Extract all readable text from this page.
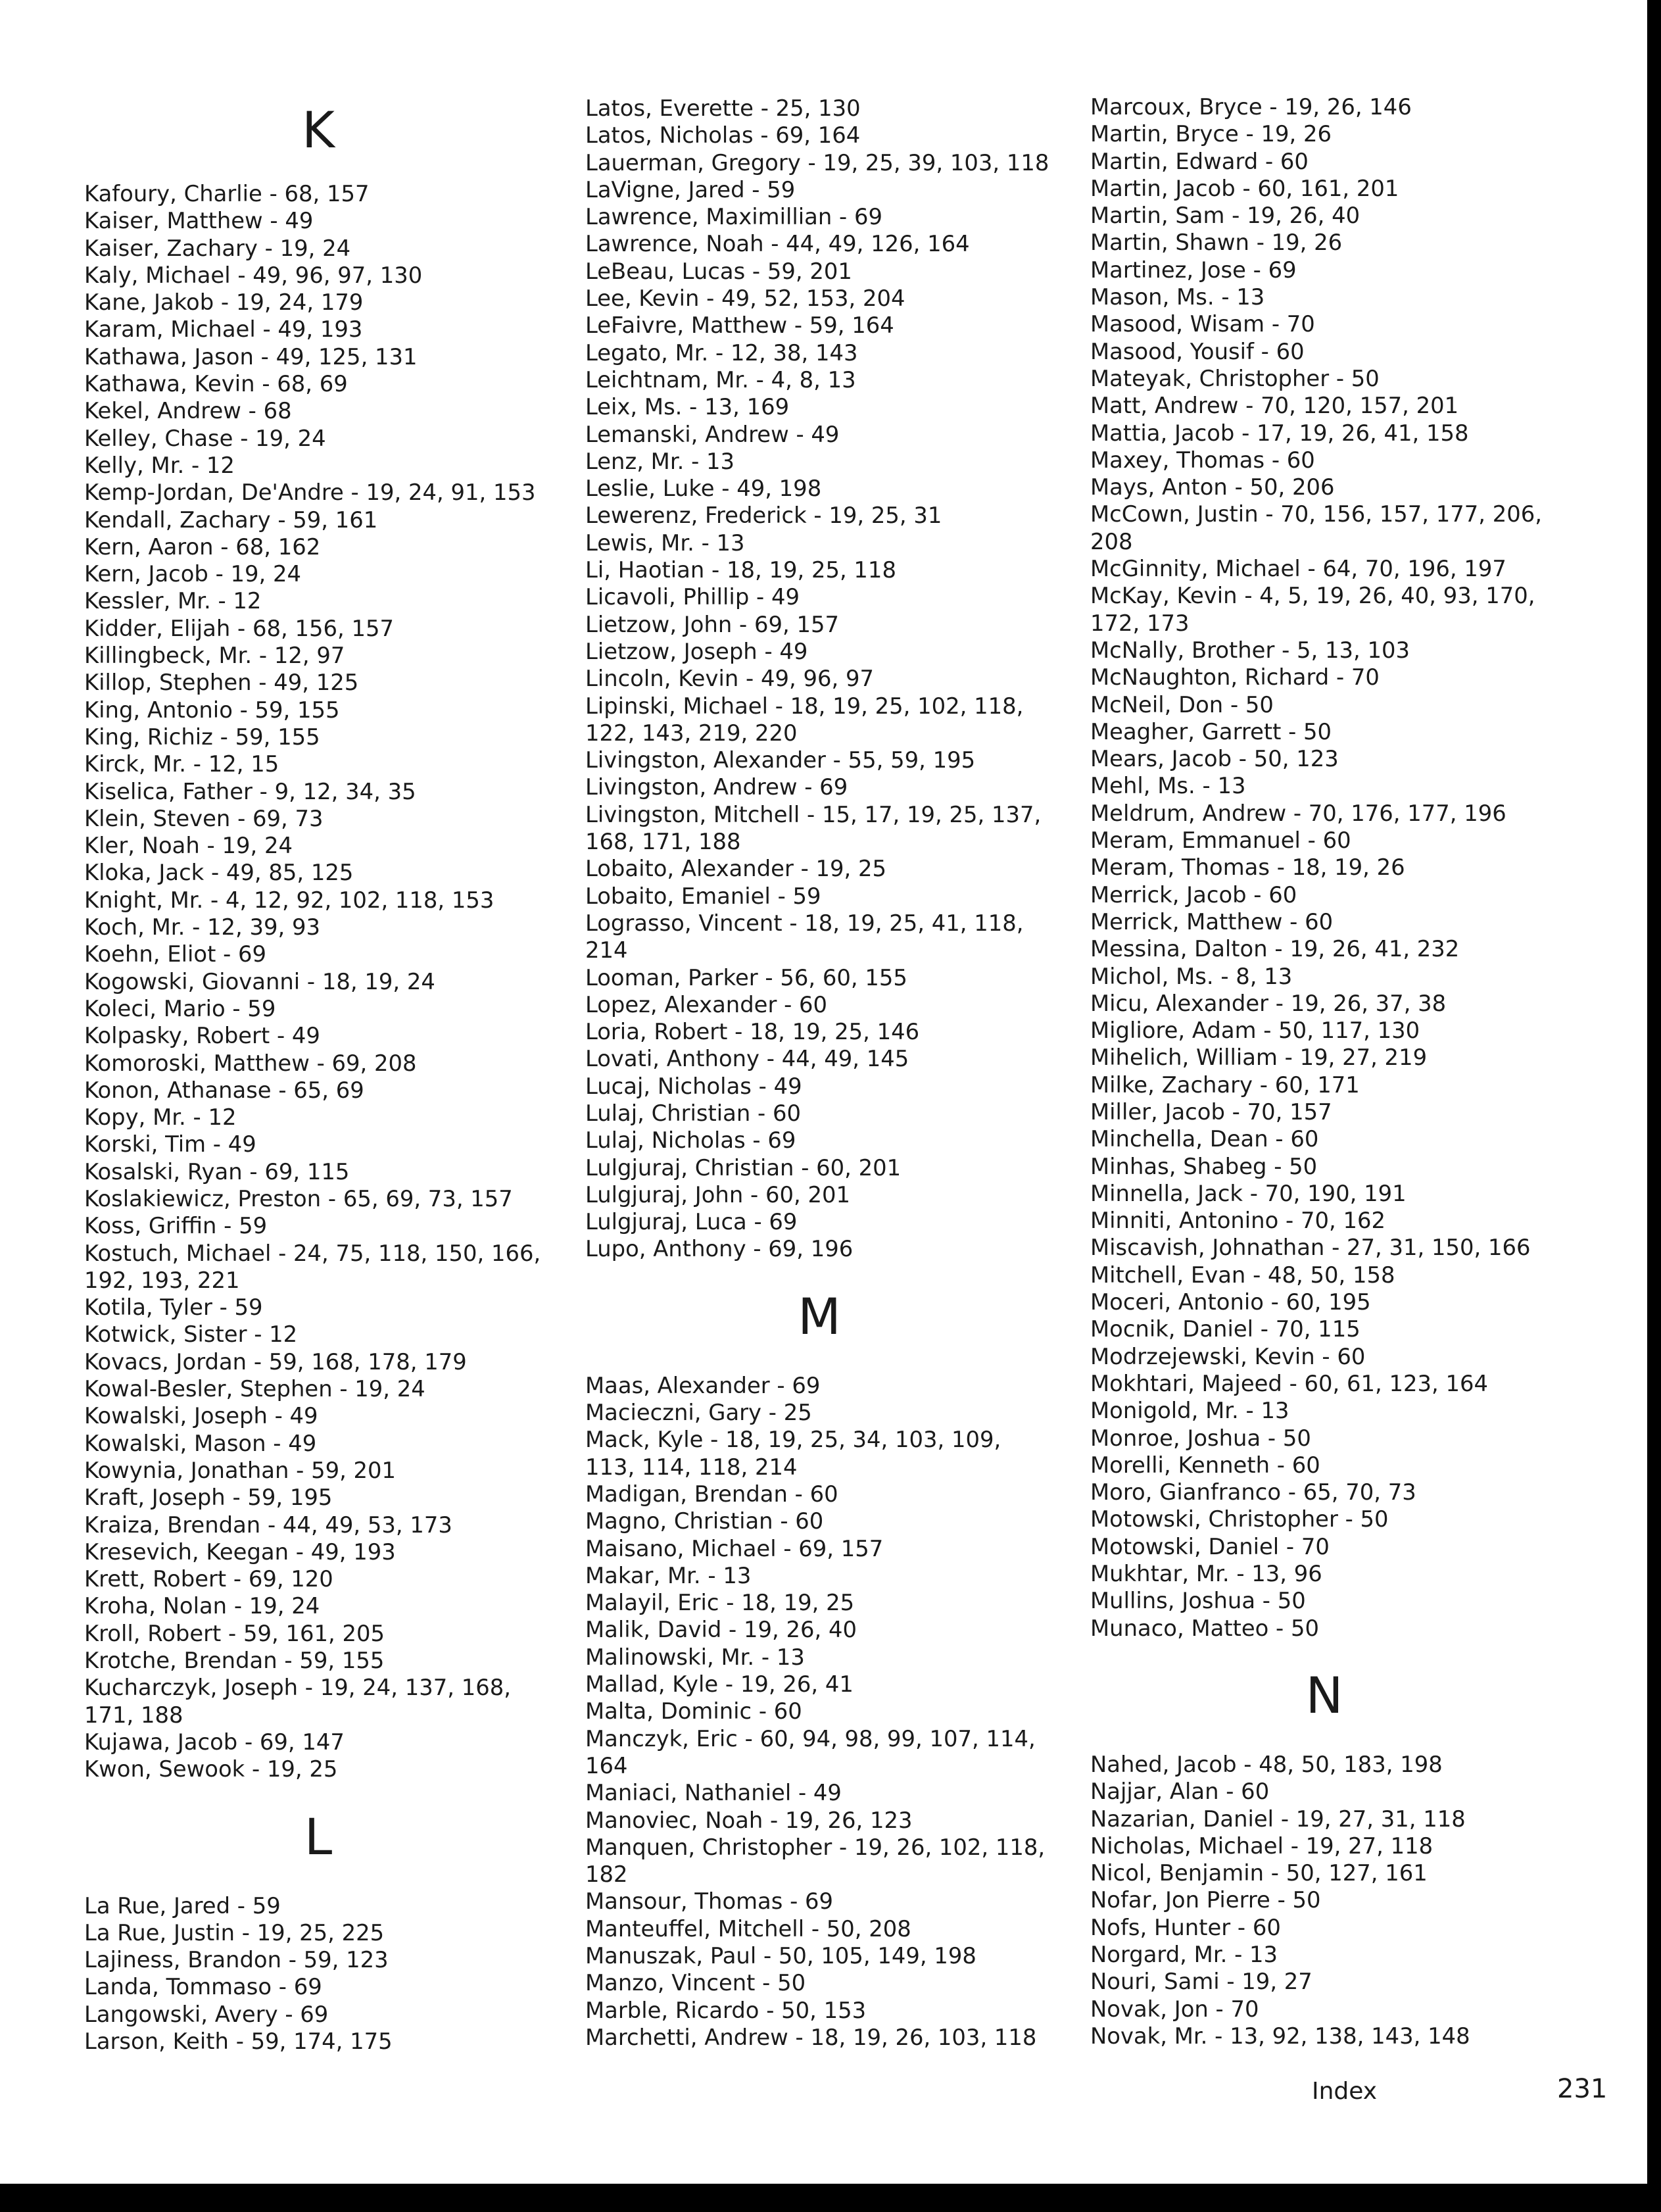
K
Kafoury, Charlie - 68, 157
Kaiser, Matthew - 49
Kaiser, Zachary - 19, 24
Kaly, Michael - 49, 96, 97, 130
Kane, Jakob - 19, 24, 179
Karam, Michael - 49, 193
Kathawa, Jason - 49, 125, 131
Kathawa, Kevin - 68, 69
Kekel, Andrew - 68
Kelley, Chase - 19, 24
Kelly, Mr. - 12
Kemp-Jordan, De'Andre - 19, 24, 91, 153
Kendall, Zachary - 59, 161
Kern, Aaron - 68, 162
Kern, Jacob - 19, 24
Kessler, Mr. - 12
Kidder, Elijah - 68, 156, 157
Killingbeck, Mr. - 12, 97
Killop, Stephen - 49, 125
King, Antonio - 59, 155
King, Richiz - 59, 155
Kirck, Mr. - 12, 15
Kiselica, Father - 9, 12, 34, 35
Klein, Steven - 69, 73
Kler, Noah - 19, 24
Kloka, Jack - 49, 85, 125
Knight, Mr. - 4, 12, 92, 102, 118, 153
Koch, Mr. - 12, 39, 93
Koehn, Eliot - 69
Kogowski, Giovanni - 18, 19, 24
Koleci, Mario - 59
Kolpasky, Robert - 49
Komoroski, Matthew - 69, 208
Konon, Athanase - 65, 69
Kopy, Mr. - 12
Korski, Tim - 49
Kosalski, Ryan - 69, 115
Koslakiewicz, Preston - 65, 69, 73, 157
Koss, Griffin - 59
Kostuch, Michael - 24, 75, 118, 150, 166,
192, 193, 221
Kotila, Tyler - 59
Kotwick, Sister - 12
Kovacs, Jordan - 59, 168, 178, 179
Kowal-Besler, Stephen - 19, 24
Kowalski, Joseph - 49
Kowalski, Mason - 49
Kowynia, Jonathan - 59, 201
Kraft, Joseph - 59, 195
Kraiza, Brendan - 44, 49, 53, 173
Kresevich, Keegan - 49, 193
Krett, Robert - 69, 120
Kroha, Nolan - 19, 24
Kroll, Robert - 59, 161, 205
Krotche, Brendan - 59, 155
Kucharczyk, Joseph - 19, 24, 137, 168,
171, 188
Kujawa, Jacob - 69, 147
Kwon, Sewook - 19, 25
L
La Rue, Jared - 59
La Rue, Justin - 19, 25, 225
Lajiness, Brandon - 59, 123
Landa, Tommaso - 69
Langowski, Avery - 69
Larson, Keith - 59, 174, 175
Latos, Everette - 25, 130
Latos, Nicholas - 69, 164
Lauerman, Gregory - 19, 25, 39, 103, 118
LaVigne, Jared - 59
Lawrence, Maximillian - 69
Lawrence, Noah - 44, 49, 126, 164
LeBeau, Lucas - 59, 201
Lee, Kevin - 49, 52, 153, 204
LeFaivre, Matthew - 59, 164
Legato, Mr. - 12, 38, 143
Leichtnam, Mr. - 4, 8, 13
Leix, Ms. - 13, 169
Lemanski, Andrew - 49
Lenz, Mr. - 13
Leslie, Luke - 49, 198
Lewerenz, Frederick - 19, 25, 31
Lewis, Mr. - 13
Li, Haotian - 18, 19, 25, 118
Licavoli, Phillip - 49
Lietzow, John - 69, 157
Lietzow, Joseph - 49
Lincoln, Kevin - 49, 96, 97
Lipinski, Michael - 18, 19, 25, 102, 118,
122, 143, 219, 220
Livingston, Alexander - 55, 59, 195
Livingston, Andrew - 69
Livingston, Mitchell - 15, 17, 19, 25, 137,
168, 171, 188
Lobaito, Alexander - 19, 25
Lobaito, Emaniel - 59
Lograsso, Vincent - 18, 19, 25, 41, 118,
214
Looman, Parker - 56, 60, 155
Lopez, Alexander - 60
Loria, Robert - 18, 19, 25, 146
Lovati, Anthony - 44, 49, 145
Lucaj, Nicholas - 49
Lulaj, Christian - 60
Lulaj, Nicholas - 69
Lulgjuraj, Christian - 60, 201
Lulgjuraj, John - 60, 201
Lulgjuraj, Luca - 69
Lupo, Anthony - 69, 196
M
Maas, Alexander - 69
Macieczni, Gary - 25
Mack, Kyle - 18, 19, 25, 34, 103, 109,
113, 114, 118, 214
Madigan, Brendan - 60
Magno, Christian - 60
Maisano, Michael - 69, 157
Makar, Mr. - 13
Malayil, Eric - 18, 19, 25
Malik, David - 19, 26, 40
Malinowski, Mr. - 13
Mallad, Kyle - 19, 26, 41
Malta, Dominic - 60
Manczyk, Eric - 60, 94, 98, 99, 107, 114,
164
Maniaci, Nathaniel - 49
Manoviec, Noah - 19, 26, 123
Manquen, Christopher - 19, 26, 102, 118,
182
Mansour, Thomas - 69
Manteuffel, Mitchell - 50, 208
Manuszak, Paul - 50, 105, 149, 198
Manzo, Vincent - 50
Marble, Ricardo - 50, 153
Marchetti, Andrew - 18, 19, 26, 103, 118
Marcoux, Bryce - 19, 26, 146
Martin, Bryce - 19, 26
Martin, Edward - 60
Martin, Jacob - 60, 161, 201
Martin, Sam - 19, 26, 40
Martin, Shawn - 19, 26
Martinez, Jose - 69
Mason, Ms. - 13
Masood, Wisam - 70
Masood, Yousif - 60
Mateyak, Christopher - 50
Matt, Andrew - 70, 120, 157, 201
Mattia, Jacob - 17, 19, 26, 41, 158
Maxey, Thomas - 60
Mays, Anton - 50, 206
McCown, Justin - 70, 156, 157, 177, 206,
208
McGinnity, Michael - 64, 70, 196, 197
McKay, Kevin - 4, 5, 19, 26, 40, 93, 170,
172, 173
McNally, Brother - 5, 13, 103
McNaughton, Richard - 70
McNeil, Don - 50
Meagher, Garrett - 50
Mears, Jacob - 50, 123
Mehl, Ms. - 13
Meldrum, Andrew - 70, 176, 177, 196
Meram, Emmanuel - 60
Meram, Thomas - 18, 19, 26
Merrick, Jacob - 60
Merrick, Matthew - 60
Messina, Dalton - 19, 26, 41, 232
Michol, Ms. - 8, 13
Micu, Alexander - 19, 26, 37, 38
Migliore, Adam - 50, 117, 130
Mihelich, William - 19, 27, 219
Milke, Zachary - 60, 171
Miller, Jacob - 70, 157
Minchella, Dean - 60
Minhas, Shabeg - 50
Minnella, Jack - 70, 190, 191
Minniti, Antonino - 70, 162
Miscavish, Johnathan - 27, 31, 150, 166
Mitchell, Evan - 48, 50, 158
Moceri, Antonio - 60, 195
Mocnik, Daniel - 70, 115
Modrzejewski, Kevin - 60
Mokhtari, Majeed - 60, 61, 123, 164
Monigold, Mr. - 13
Monroe, Joshua - 50
Morelli, Kenneth - 60
Moro, Gianfranco - 65, 70, 73
Motowski, Christopher - 50
Motowski, Daniel - 70
Mukhtar, Mr. - 13, 96
Mullins, Joshua - 50
Munaco, Matteo - 50
N
Nahed, Jacob - 48, 50, 183, 198
Najjar, Alan - 60
Nazarian, Daniel - 19, 27, 31, 118
Nicholas, Michael - 19, 27, 118
Nicol, Benjamin - 50, 127, 161
Nofar, Jon Pierre - 50
Nofs, Hunter - 60
Norgard, Mr. - 13
Nouri, Sami - 19, 27
Novak, Jon - 70
Novak, Mr. - 13, 92, 138, 143, 148
Index	231
